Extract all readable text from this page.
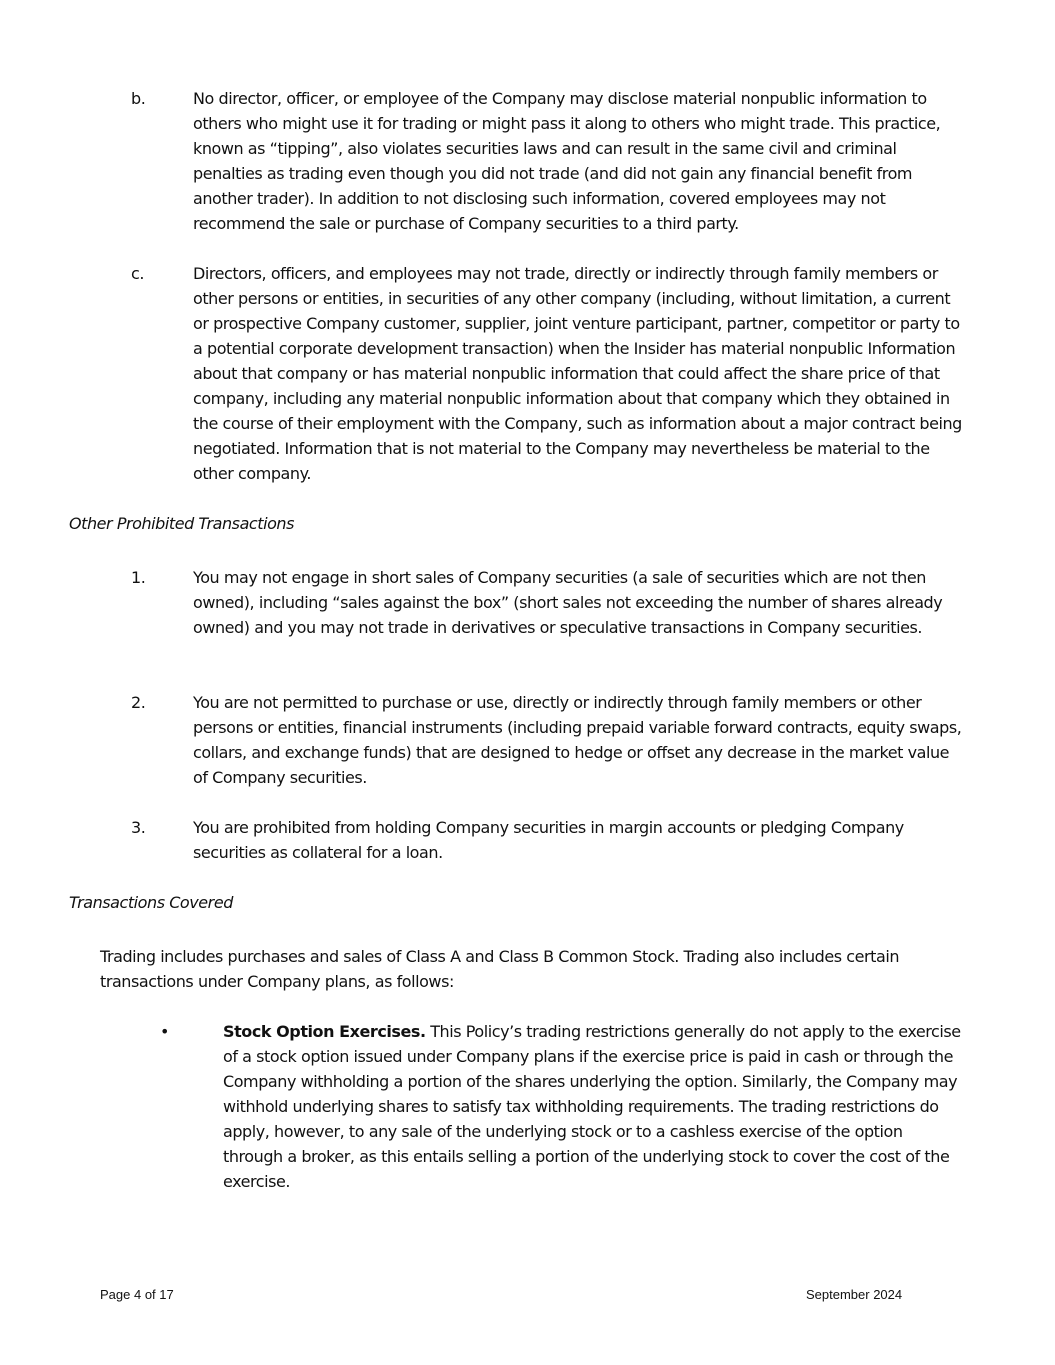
b.	No director, officer, or employee of the Company may disclose material nonpublic information to others who might use it for trading or might pass it along to others who might trade. This practice, known as “tipping”, also violates securities laws and can result in the same civil and criminal penalties as trading even though you did not trade (and did not gain any financial benefit from another trader). In addition to not disclosing such information, covered employees may not recommend the sale or purchase of Company securities to a third party.
c.	Directors, officers, and employees may not trade, directly or indirectly through family members or other persons or entities, in securities of any other company (including, without limitation, a current or prospective Company customer, supplier, joint venture participant, partner, competitor or party to a potential corporate development transaction) when the Insider has material nonpublic Information about that company or has material nonpublic information that could affect the share price of that company, including any material nonpublic information about that company which they obtained in the course of their employment with the Company, such as information about a major contract being negotiated. Information that is not material to the Company may nevertheless be material to the other company.
Other Prohibited Transactions
1.	You may not engage in short sales of Company securities (a sale of securities which are not then owned), including “sales against the box” (short sales not exceeding the number of shares already owned) and you may not trade in derivatives or speculative transactions in Company securities.
2.	You are not permitted to purchase or use, directly or indirectly through family members or other persons or entities, financial instruments (including prepaid variable forward contracts, equity swaps, collars, and exchange funds) that are designed to hedge or offset any decrease in the market value of Company securities.
3.	You are prohibited from holding Company securities in margin accounts or pledging Company securities as collateral for a loan.
Transactions Covered
Trading includes purchases and sales of Class A and Class B Common Stock. Trading also includes certain transactions under Company plans, as follows:
•	Stock Option Exercises. This Policy’s trading restrictions generally do not apply to the exercise of a stock option issued under Company plans if the exercise price is paid in cash or through the Company withholding a portion of the shares underlying the option. Similarly, the Company may withhold underlying shares to satisfy tax withholding requirements. The trading restrictions do apply, however, to any sale of the underlying stock or to a cashless exercise of the option through a broker, as this entails selling a portion of the underlying stock to cover the cost of the exercise.
Page 4 of 17	September 2024
